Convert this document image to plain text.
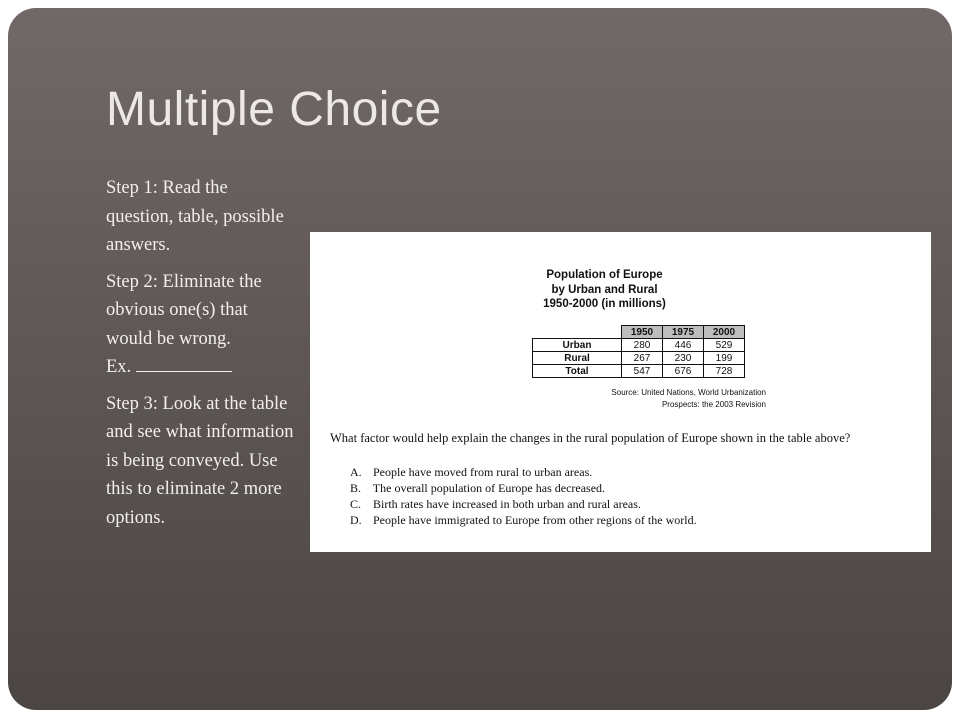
Multiple Choice
Step 1: Read the question, table, possible answers.
Step 2: Eliminate the obvious one(s) that would be wrong.
Ex.
Step 3: Look at the table and see what information is being conveyed. Use this to eliminate 2 more options.
Population of Europe
by Urban and Rural
1950-2000 (in millions)
	1950	1975	2000
Urban	280	446	529
Rural	267	230	199
Total	547	676	728
Source: United Nations, World Urbanization
Prospects: the 2003 Revision
What factor would help explain the changes in the rural population of Europe shown in the table above?
A. People have moved from rural to urban areas.
B. The overall population of Europe has decreased.
C. Birth rates have increased in both urban and rural areas.
D. People have immigrated to Europe from other regions of the world.
